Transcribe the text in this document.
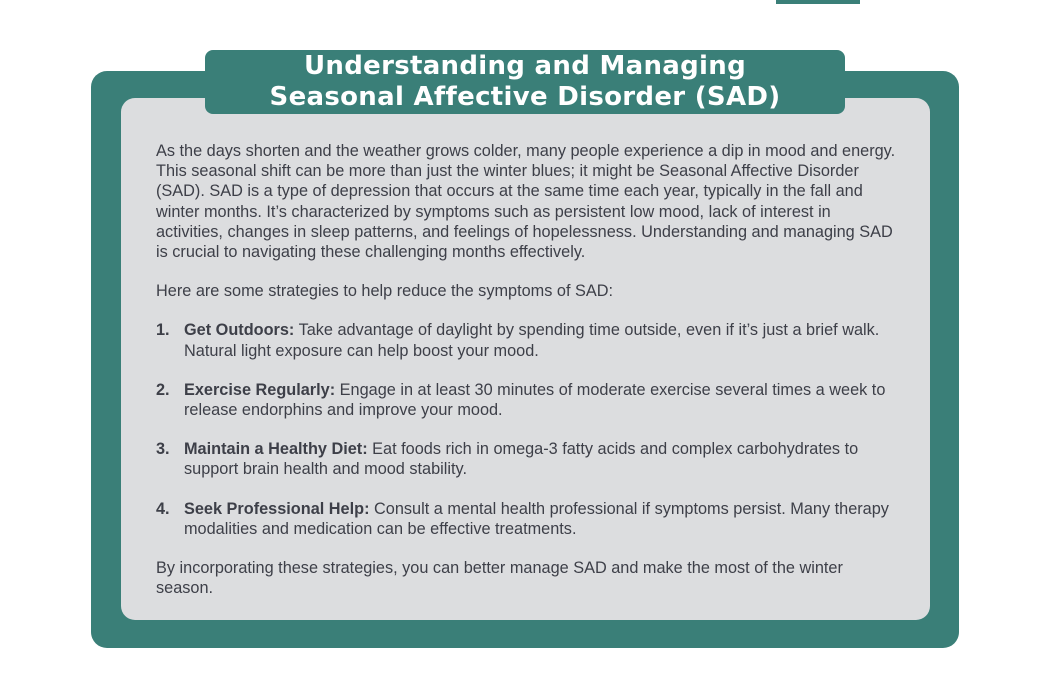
Understanding and Managing
Seasonal Affective Disorder (SAD)

As the days shorten and the weather grows colder, many people experience a dip in mood and energy. This seasonal shift can be more than just the winter blues; it might be Seasonal Affective Disorder (SAD). SAD is a type of depression that occurs at the same time each year, typically in the fall and winter months. It’s characterized by symptoms such as persistent low mood, lack of interest in activities, changes in sleep patterns, and feelings of hopelessness. Understanding and managing SAD is crucial to navigating these challenging months effectively.

Here are some strategies to help reduce the symptoms of SAD:

1. Get Outdoors: Take advantage of daylight by spending time outside, even if it’s just a brief walk. Natural light exposure can help boost your mood.
2. Exercise Regularly: Engage in at least 30 minutes of moderate exercise several times a week to release endorphins and improve your mood.
3. Maintain a Healthy Diet: Eat foods rich in omega-3 fatty acids and complex carbohydrates to support brain health and mood stability.
4. Seek Professional Help: Consult a mental health professional if symptoms persist. Many therapy modalities and medication can be effective treatments.

By incorporating these strategies, you can better manage SAD and make the most of the winter season.
